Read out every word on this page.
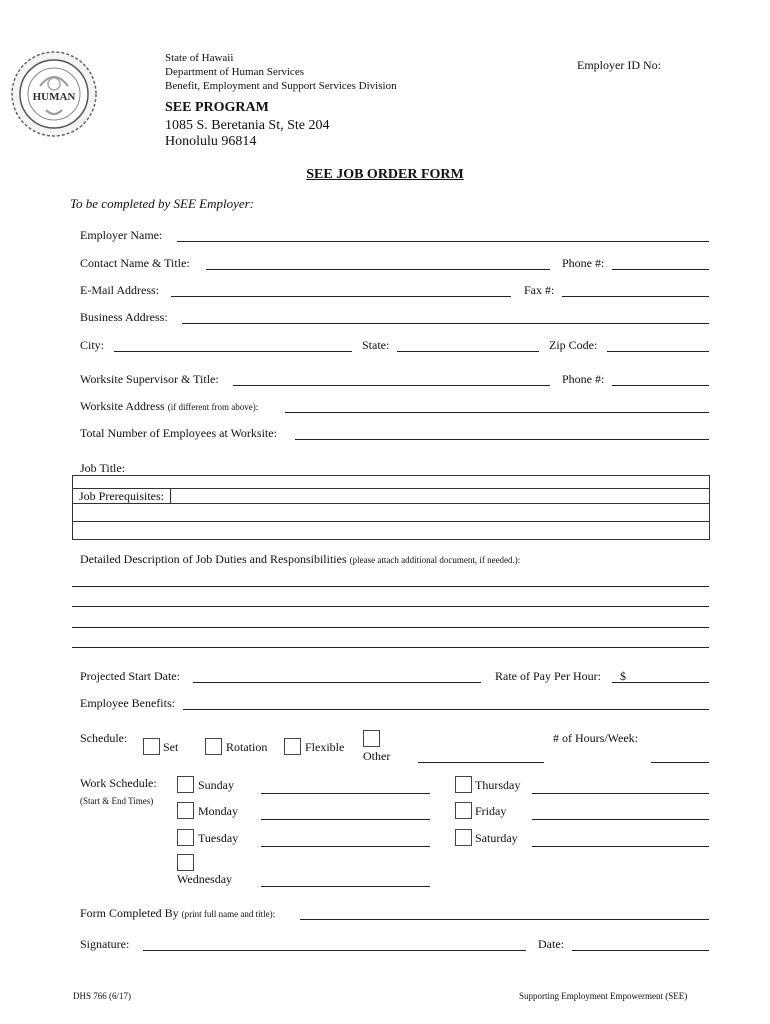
HUMAN
State of Hawaii
Department of Human Services
Benefit, Employment and Support Services Division
SEE PROGRAM
1085 S. Beretania St, Ste 204
Honolulu 96814
Employer ID No:
SEE JOB ORDER FORM
To be completed by SEE Employer:
Employer Name:
Contact Name & Title:	Phone #:
E-Mail Address:	Fax #:
Business Address:
City:	State:	Zip Code:
Worksite Supervisor & Title:	Phone #:
Worksite Address (if different from above):
Total Number of Employees at Worksite:
Job Title:
Job Prerequisites:
Detailed Description of Job Duties and Responsibilities (please attach additional document, if needed.):
Projected Start Date:	Rate of Pay Per Hour: $
Employee Benefits:
Schedule:
Set	Rotation	Flexible
Other
# of Hours/Week:
Work Schedule:
(Start & End Times)
Sunday
Monday
Tuesday
Wednesday
Thursday
Friday
Saturday
Form Completed By (print full name and title):
Signature:	Date:
DHS 766 (6/17)	Supporting Employment Empowerment (SEE)
